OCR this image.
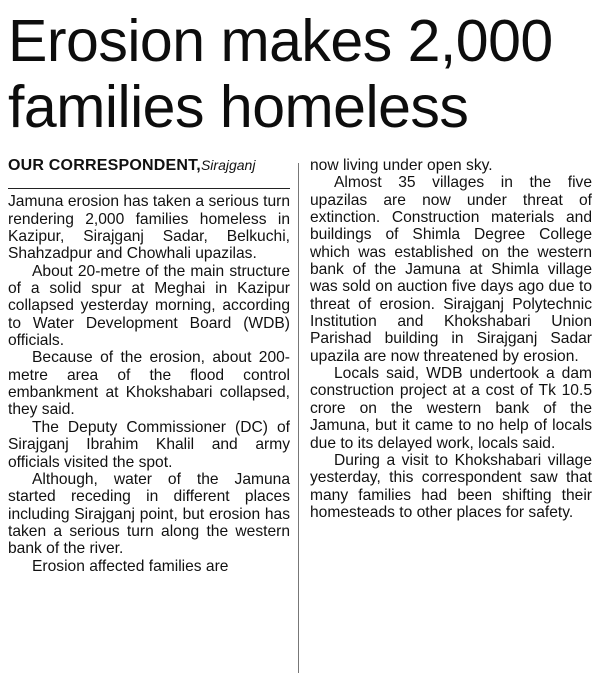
Erosion makes 2,000 families homeless
OUR CORRESPONDENT,Sirajganj

Jamuna erosion has taken a serious turn rendering 2,000 families homeless in Kazipur, Sirajganj Sadar, Belkuchi, Shahzadpur and Chowhali upazilas.

About 20-metre of the main structure of a solid spur at Meghai in Kazipur collapsed yesterday morning, according to Water Development Board (WDB) officials.

Because of the erosion, about 200-metre area of the flood control embankment at Khokshabari collapsed, they said.

The Deputy Commissioner (DC) of Sirajganj Ibrahim Khalil and army officials visited the spot.

Although, water of the Jamuna started receding in different places including Sirajganj point, but erosion has taken a serious turn along the western bank of the river.

Erosion affected families are

now living under open sky.

Almost 35 villages in the five upazilas are now under threat of extinction. Construction materials and buildings of Shimla Degree College which was established on the western bank of the Jamuna at Shimla village was sold on auction five days ago due to threat of erosion. Sirajganj Polytechnic Institution and Khokshabari Union Parishad building in Sirajganj Sadar upazila are now threatened by erosion.

Locals said, WDB undertook a dam construction project at a cost of Tk 10.5 crore on the western bank of the Jamuna, but it came to no help of locals due to its delayed work, locals said.

During a visit to Khokshabari village yesterday, this correspondent saw that many families had been shifting their homesteads to other places for safety.
